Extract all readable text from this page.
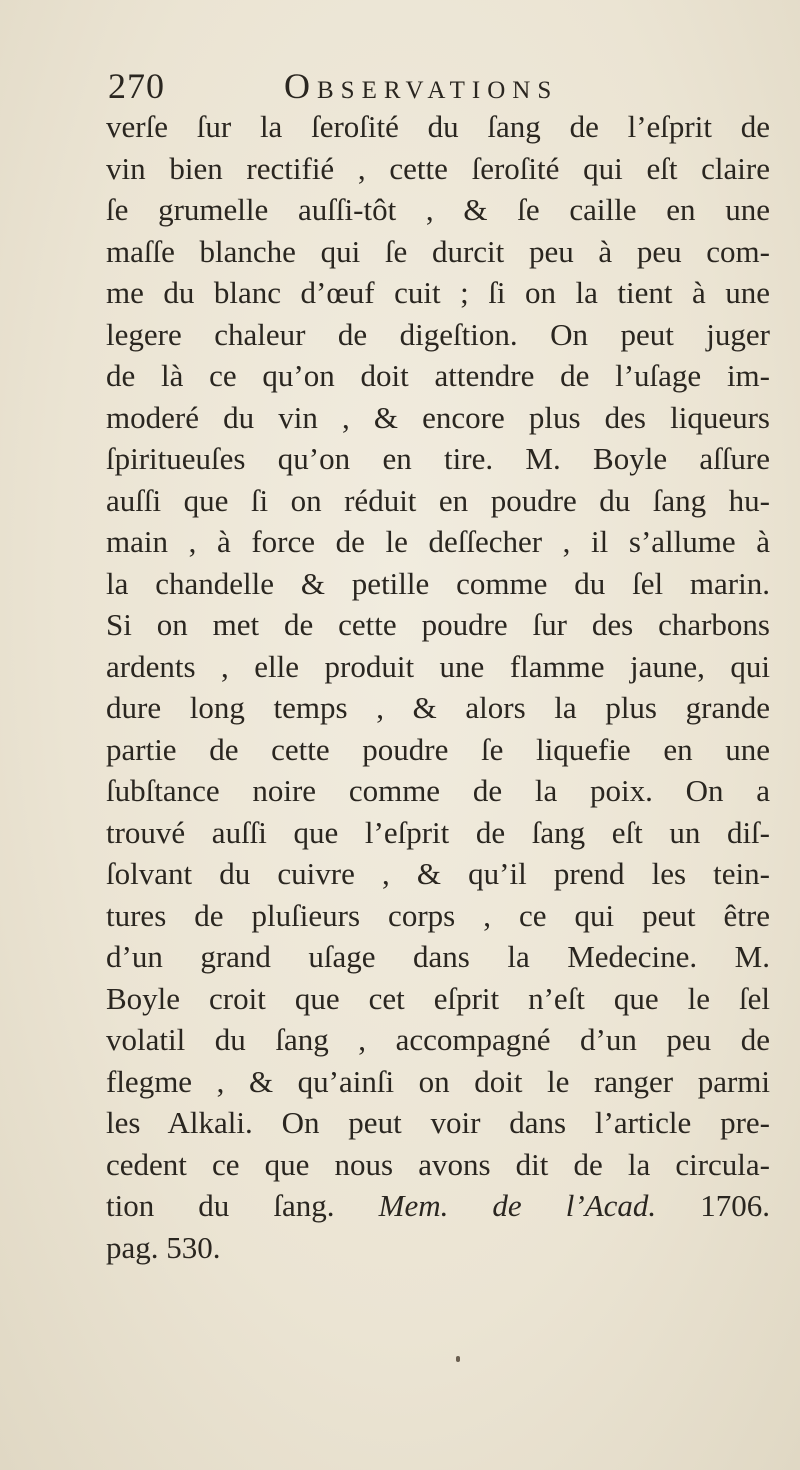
270	Observations
verſe ſur la ſeroſité du ſang de l’eſprit de
vin bien rectifié , cette ſeroſité qui eſt claire
ſe grumelle auſſi-tôt , & ſe caille en une
maſſe blanche qui ſe durcit peu à peu com-
me du blanc d’œuf cuit ; ſi on la tient à une
legere chaleur de digeſtion. On peut juger
de là ce qu’on doit attendre de l’uſage im-
moderé du vin , & encore plus des liqueurs
ſpiritueuſes qu’on en tire. M. Boyle aſſure
auſſi que ſi on réduit en poudre du ſang hu-
main , à force de le deſſecher , il s’allume à
la chandelle & petille comme du ſel marin.
Si on met de cette poudre ſur des charbons
ardents , elle produit une flamme jaune, qui
dure long temps , & alors la plus grande
partie de cette poudre ſe liquefie en une
ſubſtance noire comme de la poix. On a
trouvé auſſi que l’eſprit de ſang eſt un diſ-
ſolvant du cuivre , & qu’il prend les tein-
tures de pluſieurs corps , ce qui peut être
d’un grand uſage dans la Medecine. M.
Boyle croit que cet eſprit n’eſt que le ſel
volatil du ſang , accompagné d’un peu de
flegme , & qu’ainſi on doit le ranger parmi
les Alkali. On peut voir dans l’article pre-
cedent ce que nous avons dit de la circula-
tion du ſang. Mem. de l’Acad. 1706.
pag. 530.
